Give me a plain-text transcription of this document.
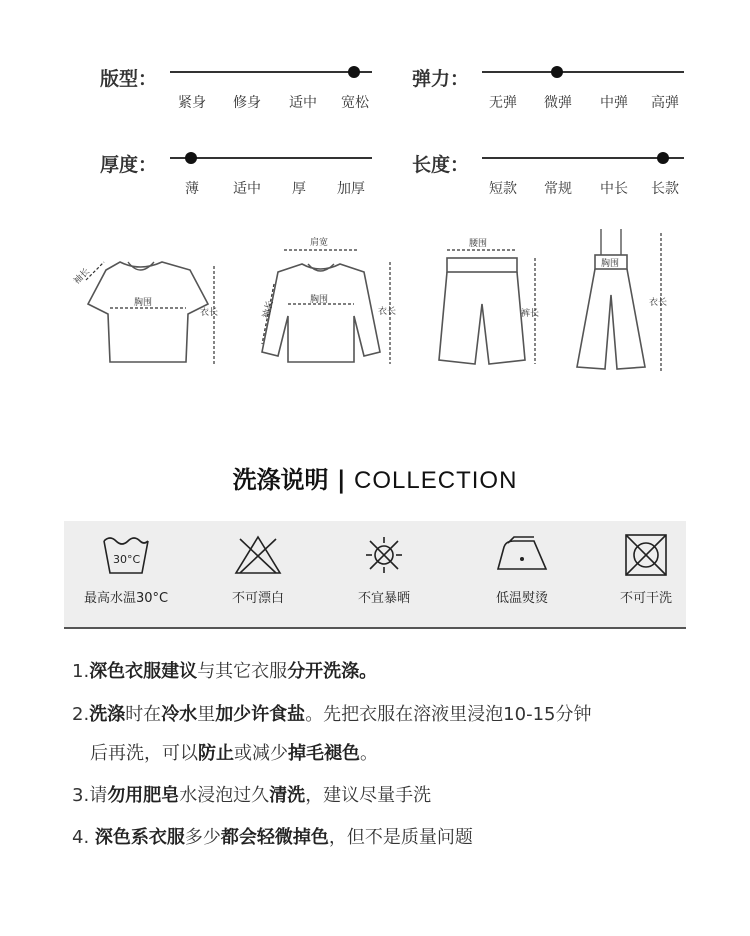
版型：
紧身	修身	适中	宽松
弹力：
无弹	微弹	中弹	高弹
厚度：
薄	适中	厚	加厚
长度：
短款	常规	中长	长款
胸围
袖长
衣长
肩宽
胸围
袖长	衣长
腰围
裤长
胸围
衣长
洗涤说明 | COLLECTION
30°C
最高水温30°C	不可漂白	不宜暴晒	低温熨烫	不可干洗
1.深色衣服建议与其它衣服分开洗涤。
2.洗涤时在冷水里加少许食盐。先把衣服在溶液里浸泡10-15分钟
后再洗，可以防止或减少掉毛褪色。
3.请勿用肥皂水浸泡过久清洗，建议尽量手洗
4. 深色系衣服多少都会轻微掉色，但不是质量问题
